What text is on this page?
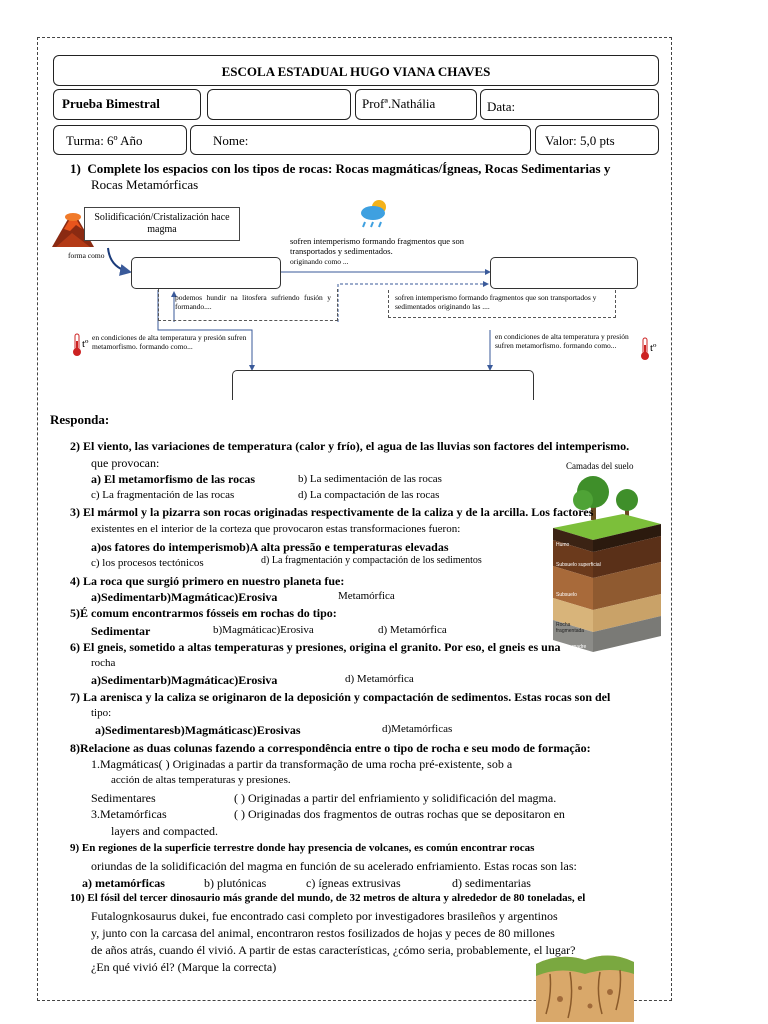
ESCOLA ESTADUAL HUGO VIANA CHAVES
Prueba Bimestral	Profª.Nathália	Data:
Turma: 6º Año	Nome:	Valor: 5,0 pts
1) Complete los espacios con los tipos de rocas: Rocas magmáticas/Ígneas, Rocas Sedimentarias y
Rocas Metamórficas
Solidificación/Cristalización hace magma
forma como
sofren intemperismo formando fragmentos que son transportados y sedimentados.
originando como ...
podemos hundir na litosfera sufriendo fusión y formando....
sofren intemperismo formando fragmentos que son transportados y sedimentados originando las ....
tº
en condiciones de alta temperatura y presión sufren metamorfismo. formando como...	tº
en condiciones de alta temperatura y presión sufren metamorfismo. formando como...
Responda:
2) El viento, las variaciones de temperatura (calor y frío), el agua de las lluvias son factores del intemperismo.
que provocan:
a) El metamorfismo de las rocas	b) La sedimentación de las rocas
c) La fragmentación de las rocas	d) La compactación de las rocas
Camadas del suelo
Humo
Subsuelo superficial
Subsuelo
Rocha
fragmentada
Rocha-madre
3) El mármol y la pizarra son rocas originadas respectivamente de la caliza y de la arcilla. Los factores
existentes en el interior de la corteza que provocaron estas transformaciones fueron:
a)os fatores do intemperismob)A alta pressão e temperaturas elevadas
c) los procesos tectónicos	d) La fragmentación y compactación de los sedimentos
4) La roca que surgió primero en nuestro planeta fue:
a)Sedimentarb)Magmáticac)Erosiva	Metamórfica
5)É comum encontrarmos fósseis em rochas do tipo:
Sedimentar	b)Magmáticac)Erosiva	d) Metamórfica
6) El gneis, sometido a altas temperaturas y presiones, origina el granito. Por eso, el gneis es una
rocha
a)Sedimentarb)Magmáticac)Erosiva	d) Metamórfica
7) La arenisca y la caliza se originaron de la deposición y compactación de sedimentos. Estas rocas son del
tipo:
a)Sedimentaresb)Magmáticasc)Erosivas	d)Metamórficas
8)Relacione as duas colunas fazendo a correspondência entre o tipo de rocha e seu modo de formação:
1.Magmáticas( ) Originadas a partir da transformação de uma rocha pré-existente, sob a
acción de altas temperaturas y presiones.
Sedimentares	( ) Originadas a partir del enfriamiento y solidificación del magma.
3.Metamórficas	( ) Originadas dos fragmentos de outras rochas que se depositaron en
layers and compacted.
9) En regiones de la superficie terrestre donde hay presencia de volcanes, es común encontrar rocas
oriundas de la solidificación del magma en función de su acelerado enfriamiento. Estas rocas son las:
a) metamórficas	b) plutónicas	c) ígneas extrusivas	d) sedimentarias
10) El fósil del tercer dinosaurio más grande del mundo, de 32 metros de altura y alrededor de 80 toneladas, el
Futalognkosaurus dukei, fue encontrado casi completo por investigadores brasileños y argentinos
y, junto con la carcasa del animal, encontraron restos fosilizados de hojas y peces de 80 millones
de años atrás, cuando él vivió. A partir de estas características, ¿cómo seria, probablemente, el lugar?
¿En qué vivió él? (Marque la correcta)
